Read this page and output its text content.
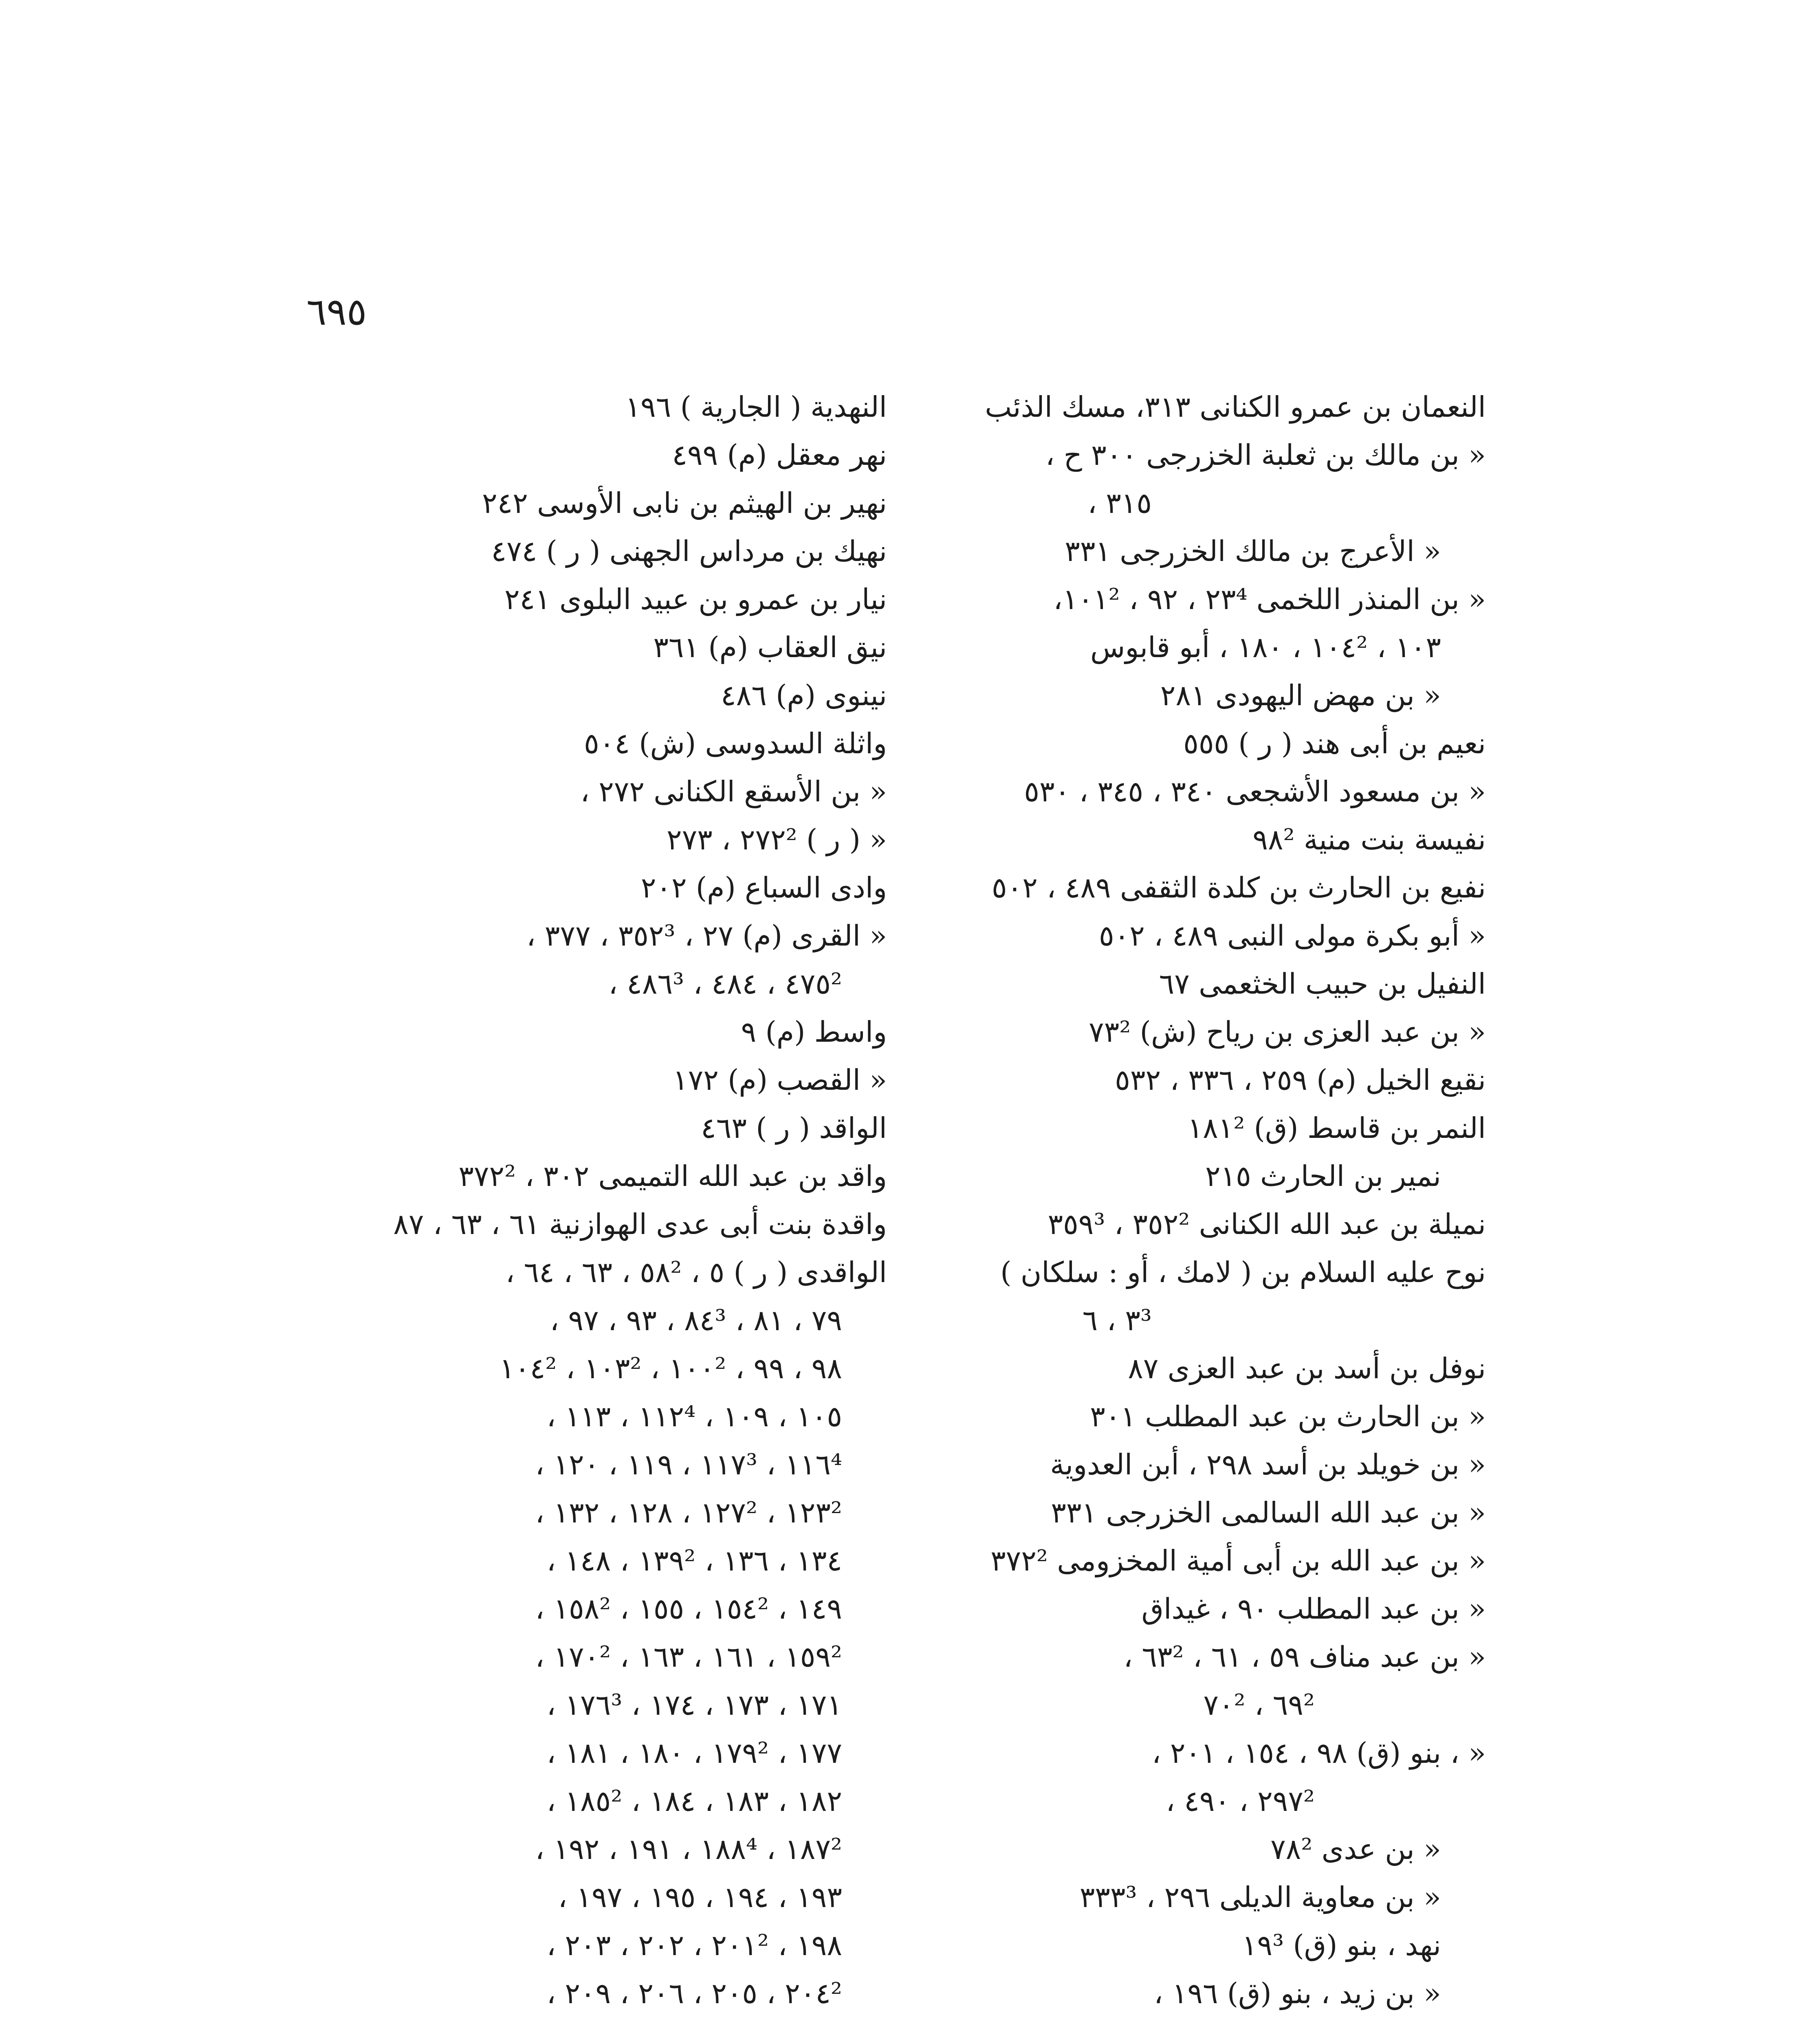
٦٩٥
النعمان بن عمرو الكنانى ٣١٣، مسك الذئب
« بن مالك بن ثعلبة الخزرجى ٣٠٠ ح ،
٣١٥ ،
« الأعرج بن مالك الخزرجى ٣٣١
« بن المنذر اللخمى ٢٣⁴ ، ٩٢ ، ١٠١²،
١٠٣ ، ١٠٤² ، ١٨٠ ، أبو قابوس
« بن مهض اليهودى ٢٨١
نعيم بن أبى هند ( ر ) ٥٥٥
« بن مسعود الأشجعى ٣٤٠ ، ٣٤٥ ، ٥٣٠
نفيسة بنت منية ٩٨²
نفيع بن الحارث بن كلدة الثقفى ٤٨٩ ، ٥٠٢
« أبو بكرة مولى النبى ٤٨٩ ، ٥٠٢
النفيل بن حبيب الخثعمى ٦٧
« بن عبد العزى بن رياح (ش) ٧٣²
نقيع الخيل (م) ٢٥٩ ، ٣٣٦ ، ٥٣٢
النمر بن قاسط (ق) ١٨١²
نمير بن الحارث ٢١٥
نميلة بن عبد الله الكنانى ٣٥٢² ، ٣٥٩³
نوح عليه السلام بن ( لامك ، أو : سلكان )
٣³ ، ٦
نوفل بن أسد بن عبد العزى ٨٧
« بن الحارث بن عبد المطلب ٣٠١
« بن خويلد بن أسد ٢٩٨ ، أبن العدوية
« بن عبد الله السالمى الخزرجى ٣٣١
« بن عبد الله بن أبى أمية المخزومى ٣٧٢²
« بن عبد المطلب ٩٠ ، غيداق
« بن عبد مناف ٥٩ ، ٦١ ، ٦٣² ،
٦٩² ، ٧٠²
« ، بنو (ق) ٩٨ ، ١٥٤ ، ٢٠١ ،
٢٩٧² ، ٤٩٠ ،
« بن عدى ٧٨²
« بن معاوية الديلى ٢٩٦ ، ٣٣٣³
نهد ، بنو (ق) ١٩³
« بن زيد ، بنو (ق) ١٩٦ ،
النهدية ( الجارية ) ١٩٦
نهر معقل (م) ٤٩٩
نهير بن الهيثم بن نابى الأوسى ٢٤٢
نهيك بن مرداس الجهنى ( ر ) ٤٧٤
نيار بن عمرو بن عبيد البلوى ٢٤١
نيق العقاب (م) ٣٦١
نينوى (م) ٤٨٦
واثلة السدوسى (ش) ٥٠٤
« بن الأسقع الكنانى ٢٧٢ ،
« ( ر ) ٢٧٢² ، ٢٧٣
وادى السباع (م) ٢٠٢
« القرى (م) ٢٧ ، ٣٥٢³ ، ٣٧٧ ،
٤٧٥² ، ٤٨٤ ، ٤٨٦³ ،
واسط (م) ٩
« القصب (م) ١٧٢
الواقد ( ر ) ٤٦٣
واقد بن عبد الله التميمى ٣٠٢ ، ٣٧٢²
واقدة بنت أبى عدى الهوازنية ٦١ ، ٦٣ ، ٨٧
الواقدى ( ر ) ٥ ، ٥٨² ، ٦٣ ، ٦٤ ،
٧٩ ، ٨١ ، ٨٤³ ، ٩٣ ، ٩٧ ،
٩٨ ، ٩٩ ، ١٠٠² ، ١٠٣² ، ١٠٤²
١٠٥ ، ١٠٩ ، ١١٢⁴ ، ١١٣ ،
١١٦⁴ ، ١١٧³ ، ١١٩ ، ١٢٠ ،
١٢٣² ، ١٢٧² ، ١٢٨ ، ١٣٢ ،
١٣٤ ، ١٣٦ ، ١٣٩² ، ١٤٨ ،
١٤٩ ، ١٥٤² ، ١٥٥ ، ١٥٨² ،
١٥٩² ، ١٦١ ، ١٦٣ ، ١٧٠² ،
١٧١ ، ١٧٣ ، ١٧٤ ، ١٧٦³ ،
١٧٧ ، ١٧٩² ، ١٨٠ ، ١٨١ ،
١٨٢ ، ١٨٣ ، ١٨٤ ، ١٨٥² ،
١٨٧² ، ١٨٨⁴ ، ١٩١ ، ١٩٢ ،
١٩٣ ، ١٩٤ ، ١٩٥ ، ١٩٧ ،
١٩٨ ، ٢٠١² ، ٢٠٢ ، ٢٠٣ ،
٢٠٤² ، ٢٠٥ ، ٢٠٦ ، ٢٠٩ ،
